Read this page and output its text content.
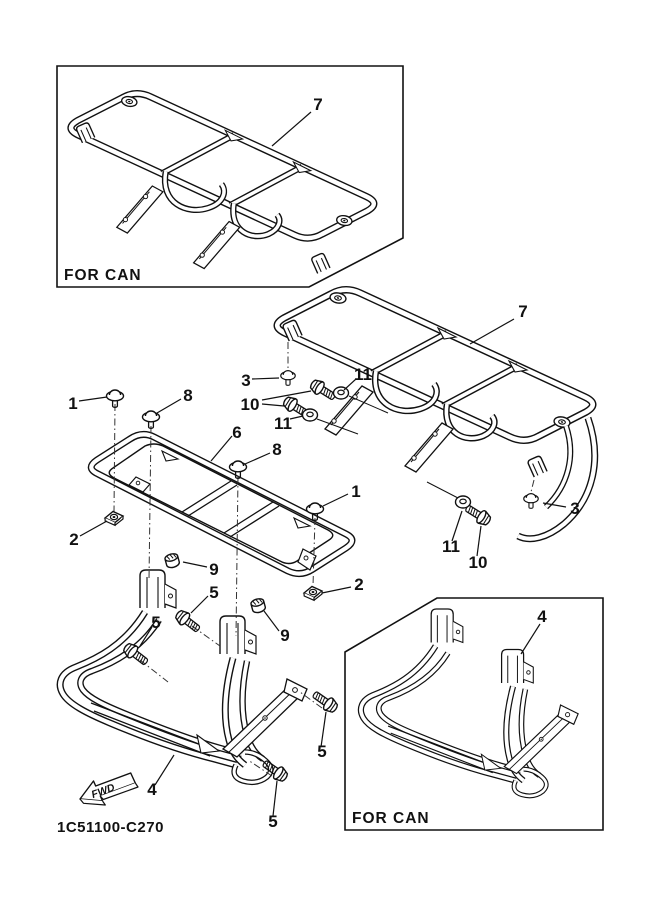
7
7
3
10
11
11
1	8
6
8
1
2
2
9
5
5
9
5
5
4
4
3
10
11
FOR CAN
FOR CAN
FWD
1C51100-C270
